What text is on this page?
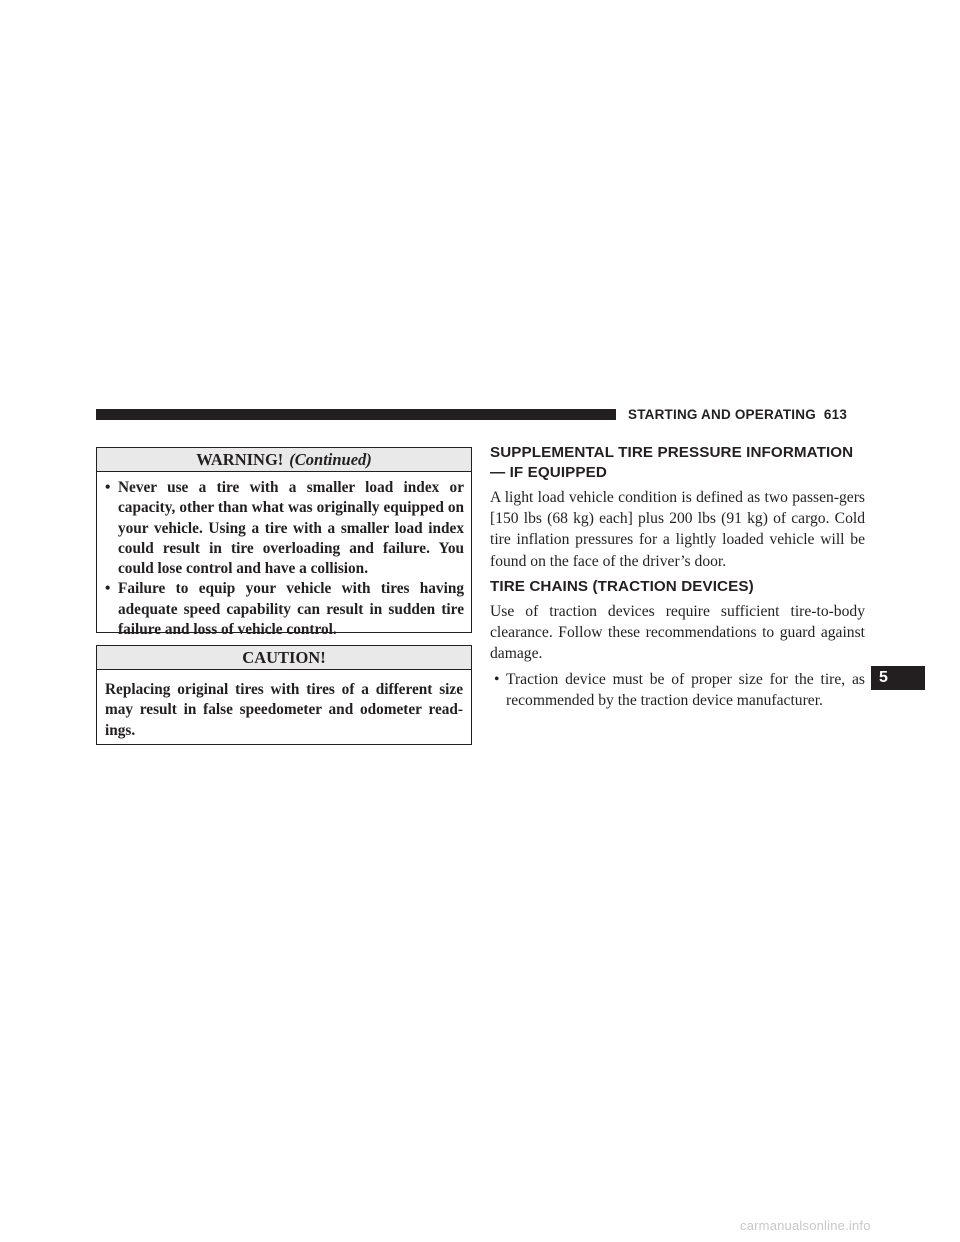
STARTING AND OPERATING 613
WARNING! (Continued)
• Never use a tire with a smaller load index or capacity, other than what was originally equipped on your vehicle. Using a tire with a smaller load index could result in tire overloading and failure. You could lose control and have a collision.
• Failure to equip your vehicle with tires having adequate speed capability can result in sudden tire failure and loss of vehicle control.
CAUTION!
Replacing original tires with tires of a different size may result in false speedometer and odometer read-ings.
SUPPLEMENTAL TIRE PRESSURE INFORMATION — IF EQUIPPED
A light load vehicle condition is defined as two passen-gers [150 lbs (68 kg) each] plus 200 lbs (91 kg) of cargo. Cold tire inflation pressures for a lightly loaded vehicle will be found on the face of the driver’s door.
TIRE CHAINS (TRACTION DEVICES)
Use of traction devices require sufficient tire-to-body clearance. Follow these recommendations to guard against damage.
• Traction device must be of proper size for the tire, as recommended by the traction device manufacturer.
5
carmanualsonline.info
